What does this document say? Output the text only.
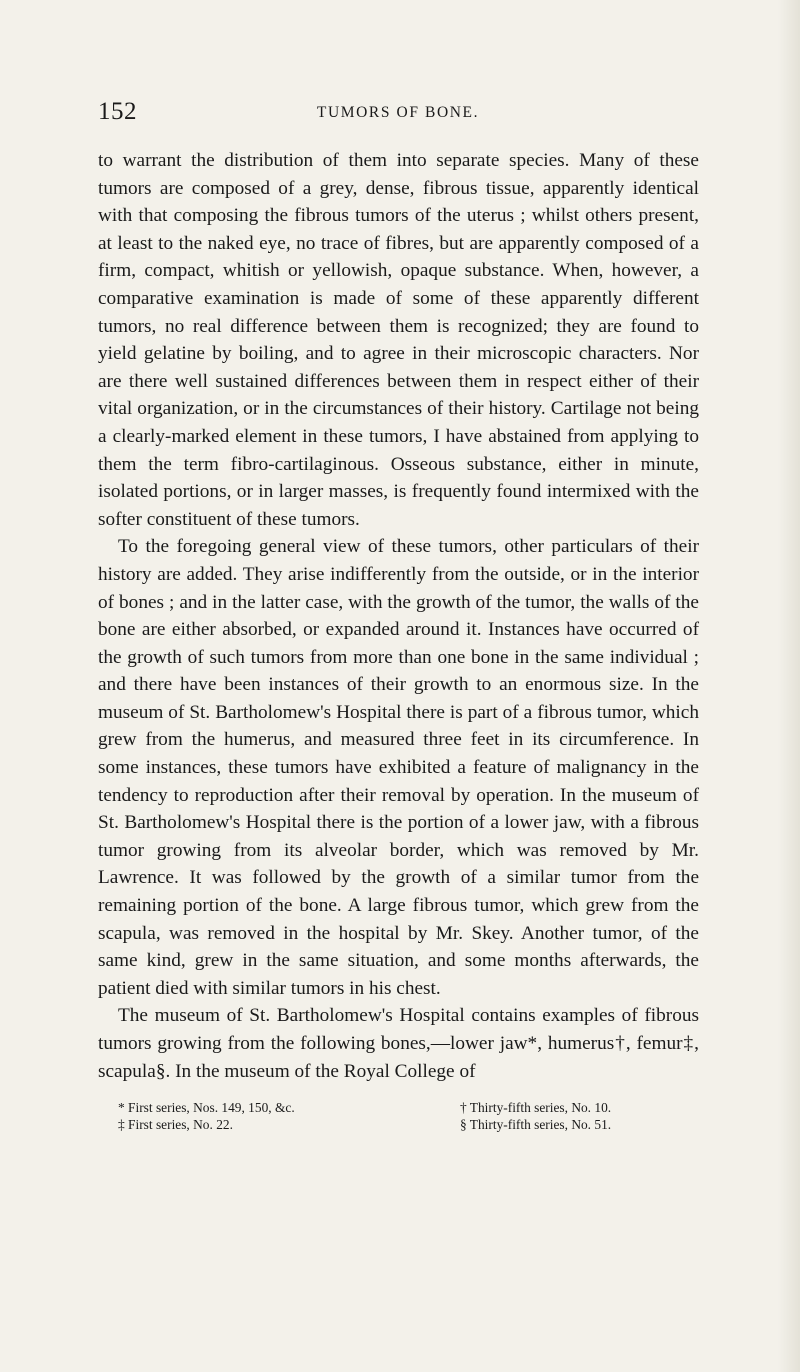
152	TUMORS OF BONE.

to warrant the distribution of them into separate species. Many of these tumors are composed of a grey, dense, fibrous tissue, apparently identical with that composing the fibrous tumors of the uterus ; whilst others present, at least to the naked eye, no trace of fibres, but are apparently composed of a firm, compact, whitish or yellowish, opaque substance. When, however, a comparative examination is made of some of these apparently different tumors, no real difference between them is recognized; they are found to yield gelatine by boiling, and to agree in their microscopic characters. Nor are there well sustained differences between them in respect either of their vital organization, or in the circumstances of their history. Cartilage not being a clearly-marked element in these tumors, I have abstained from applying to them the term fibro-cartilaginous. Osseous substance, either in minute, isolated portions, or in larger masses, is frequently found intermixed with the softer constituent of these tumors.

To the foregoing general view of these tumors, other particulars of their history are added. They arise indifferently from the outside, or in the interior of bones ; and in the latter case, with the growth of the tumor, the walls of the bone are either absorbed, or expanded around it. Instances have occurred of the growth of such tumors from more than one bone in the same individual ; and there have been instances of their growth to an enormous size. In the museum of St. Bartholomew's Hospital there is part of a fibrous tumor, which grew from the humerus, and measured three feet in its circumference. In some instances, these tumors have exhibited a feature of malignancy in the tendency to reproduction after their removal by operation. In the museum of St. Bartholomew's Hospital there is the portion of a lower jaw, with a fibrous tumor growing from its alveolar border, which was removed by Mr. Lawrence. It was followed by the growth of a similar tumor from the remaining portion of the bone. A large fibrous tumor, which grew from the scapula, was removed in the hospital by Mr. Skey. Another tumor, of the same kind, grew in the same situation, and some months afterwards, the patient died with similar tumors in his chest.

The museum of St. Bartholomew's Hospital contains examples of fibrous tumors growing from the following bones,—lower jaw*, humerus†, femur‡, scapula§. In the museum of the Royal College of

* First series, Nos. 149, 150, &c.	† Thirty-fifth series, No. 10.
‡ First series, No. 22.	§ Thirty-fifth series, No. 51.
